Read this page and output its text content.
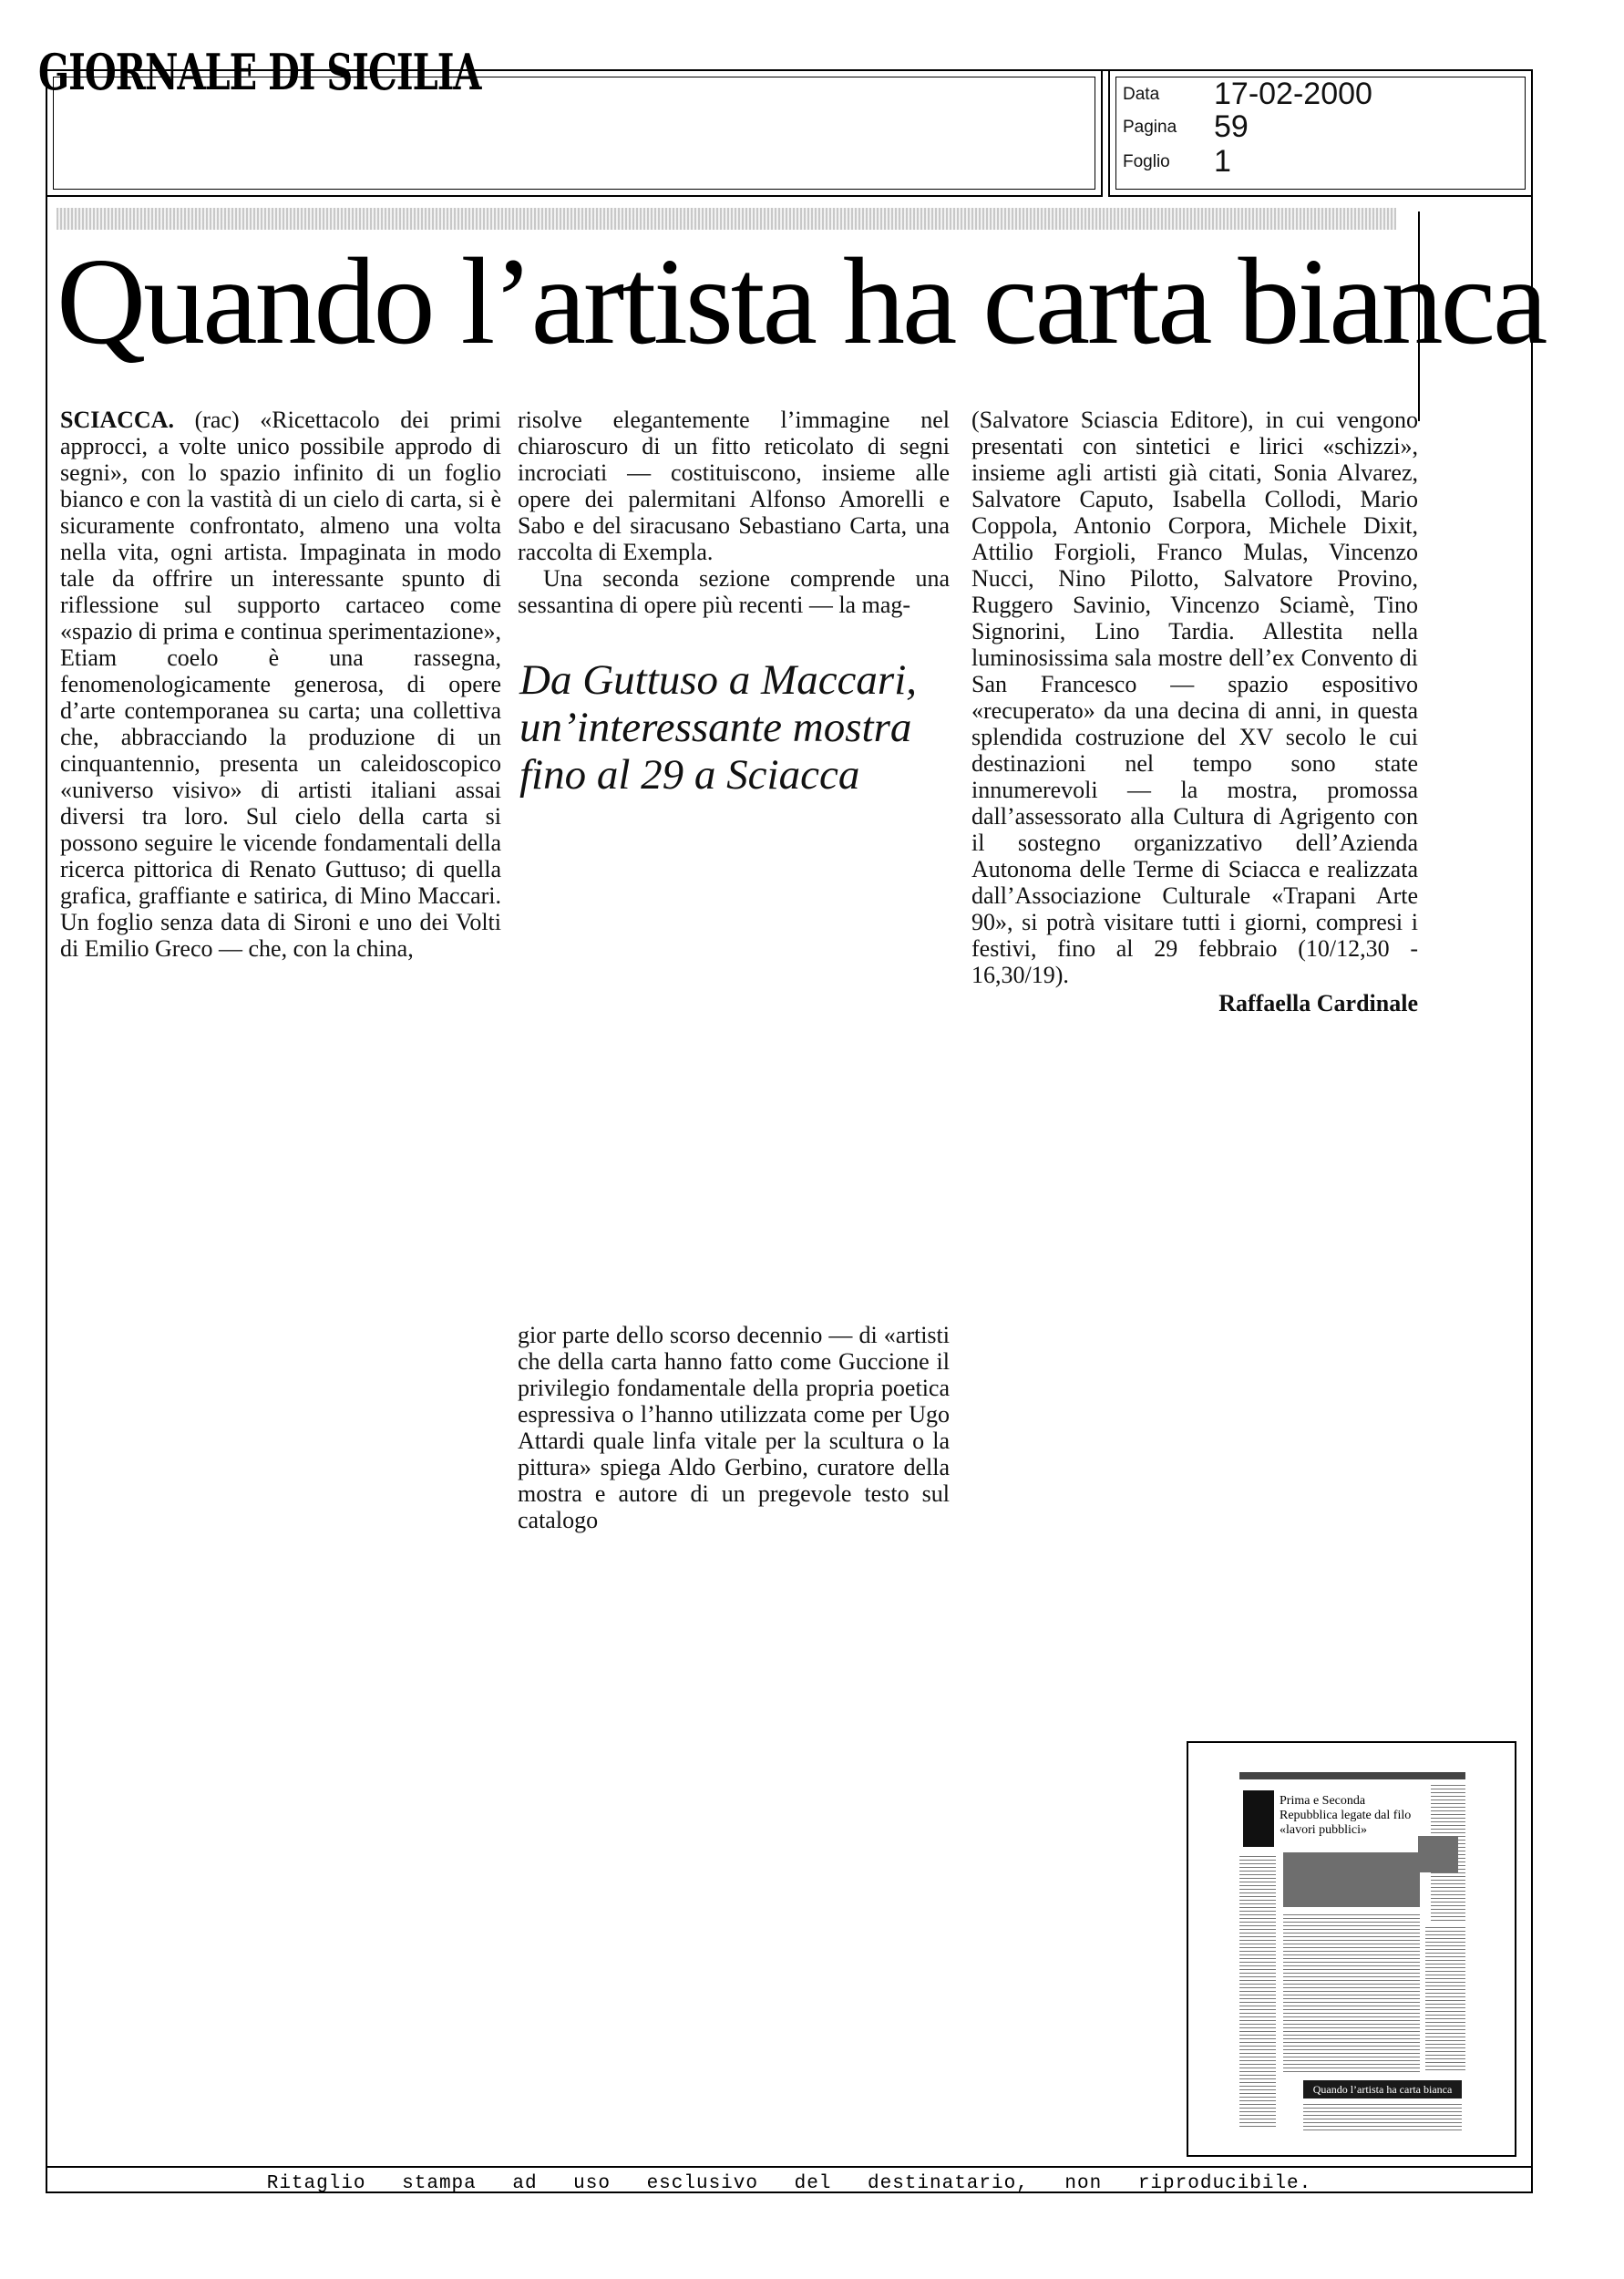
GIORNALE DI SICILIA	Data 17-02-2000
Pagina 59
Foglio 1
Quando l’artista ha carta bianca

SCIACCA. (rac) «Ricettacolo dei primi approcci, a volte unico possibile approdo di segni», con lo spazio infinito di un foglio bianco e con la vastità di un cielo di carta, si è sicuramente confrontato, almeno una volta nella vita, ogni artista. Impaginata in modo tale da offrire un interessante spunto di riflessione sul supporto cartaceo come «spazio di prima e continua sperimentazione», Etiam coelo è una rassegna, fenomenologicamente generosa, di opere d’arte contemporanea su carta; una collettiva che, abbracciando la produzione di un cinquantennio, presenta un caleidoscopico «universo visivo» di artisti italiani assai diversi tra loro. Sul cielo della carta si possono seguire le vicende fondamentali della ricerca pittorica di Renato Guttuso; di quella grafica, graffiante e satirica, di Mino Maccari. Un foglio senza data di Sironi e uno dei Volti di Emilio Greco — che, con la china,

risolve elegantemente l’immagine nel chiaroscuro di un fitto reticolato di segni incrociati — costituiscono, insieme alle opere dei palermitani Alfonso Amorelli e Sabo e del siracusano Sebastiano Carta, una raccolta di Exempla.

Una seconda sezione comprende una sessantina di opere più recenti — la mag-

Da Guttuso a Maccari, un’interessante mostra fino al 29 a Sciacca

gior parte dello scorso decennio — di «artisti che della carta hanno fatto come Guccione il privilegio fondamentale della propria poetica espressiva o l’hanno utilizzata come per Ugo Attardi quale linfa vitale per la scultura o la pittura» spiega Aldo Gerbino, curatore della mostra e autore di un pregevole testo sul catalogo

(Salvatore Sciascia Editore), in cui vengono presentati con sintetici e lirici «schizzi», insieme agli artisti già citati, Sonia Alvarez, Salvatore Caputo, Isabella Collodi, Mario Coppola, Antonio Corpora, Michele Dixit, Attilio Forgioli, Franco Mulas, Vincenzo Nucci, Nino Pilotto, Salvatore Provino, Ruggero Savinio, Vincenzo Sciamè, Tino Signorini, Lino Tardia. Allestita nella luminosissima sala mostre dell’ex Convento di San Francesco — spazio espositivo «recuperato» da una decina di anni, in questa splendida costruzione del XV secolo le cui destinazioni nel tempo sono state innumerevoli — la mostra, promossa dall’assessorato alla Cultura di Agrigento con il sostegno organizzativo dell’Azienda Autonoma delle Terme di Sciacca e realizzata dall’Associazione Culturale «Trapani Arte 90», si potrà visitare tutti i giorni, compresi i festivi, fino al 29 febbraio (10/12,30 - 16,30/19).

Raffaella Cardinale
Prima e Seconda Repubblica legate dal filo «lavori pubblici»
Quando l’artista ha carta bianca
Ritaglio stampa ad uso esclusivo del destinatario, non riproducibile.
